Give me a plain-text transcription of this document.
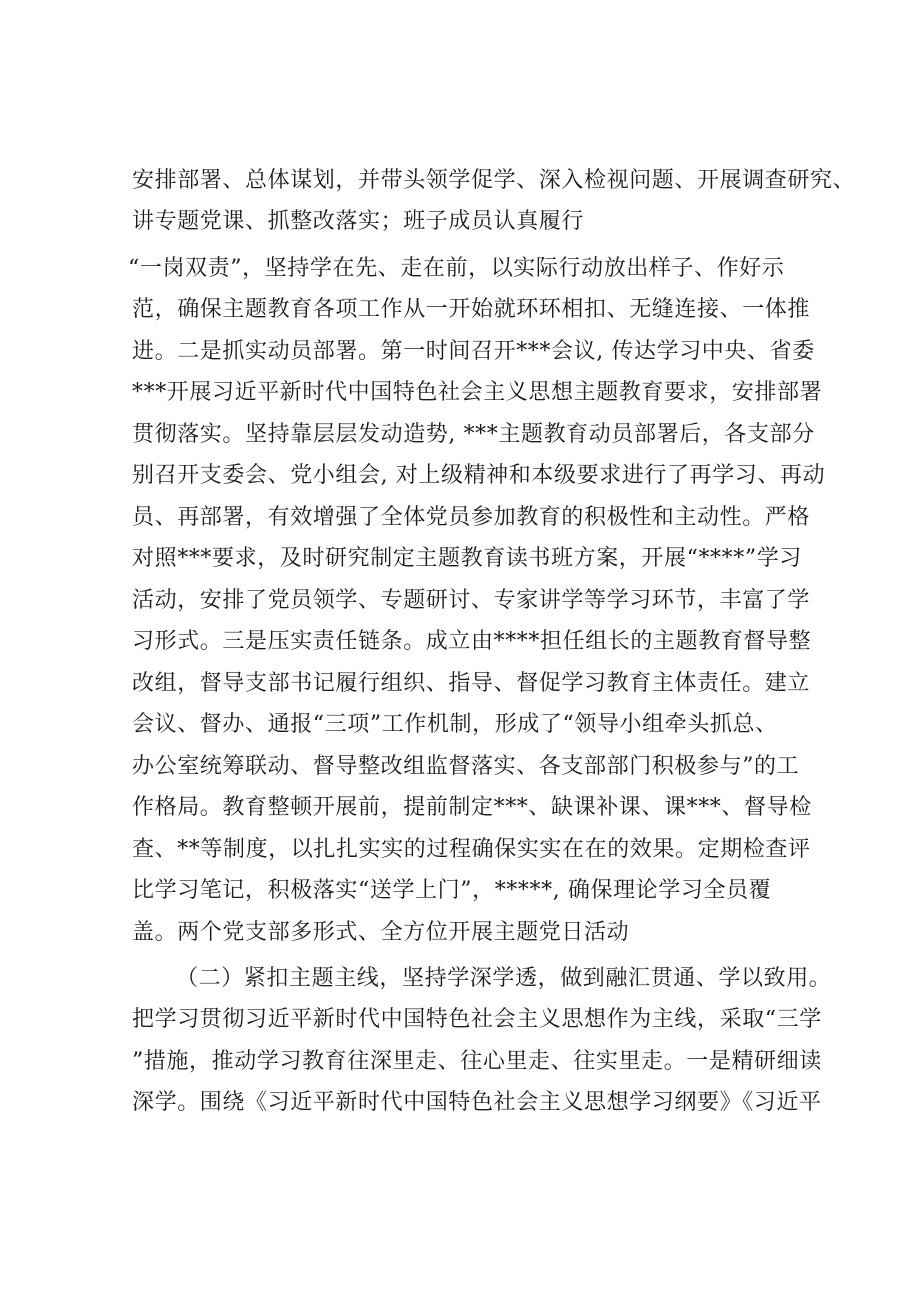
安排部署、总体谋划，并带头领学促学、深入检视问题、开展调查研究、
讲专题党课、抓整改落实；班子成员认真履行
“一岗双责”，坚持学在先、走在前，以实际行动放出样子、作好示
范，确保主题教育各项工作从一开始就环环相扣、无缝连接、一体推
进。二是抓实动员部署。第一时间召开***会议, 传达学习中央、省委
***开展习近平新时代中国特色社会主义思想主题教育要求，安排部署
贯彻落实。坚持靠层层发动造势, ***主题教育动员部署后，各支部分
别召开支委会、党小组会, 对上级精神和本级要求进行了再学习、再动
员、再部署，有效增强了全体党员参加教育的积极性和主动性。严格
对照***要求，及时研究制定主题教育读书班方案，开展“****”学习
活动，安排了党员领学、专题研讨、专家讲学等学习环节，丰富了学
习形式。三是压实责任链条。成立由****担任组长的主题教育督导整
改组，督导支部书记履行组织、指导、督促学习教育主体责任。建立
会议、督办、通报“三项”工作机制，形成了“领导小组牵头抓总、
办公室统筹联动、督导整改组监督落实、各支部部门积极参与”的工
作格局。教育整顿开展前，提前制定***、缺课补课、课***、督导检
查、**等制度，以扎扎实实的过程确保实实在在的效果。定期检查评
比学习笔记，积极落实“送学上门”，*****, 确保理论学习全员覆
盖。两个党支部多形式、全方位开展主题党日活动
（二）紧扣主题主线，坚持学深学透，做到融汇贯通、学以致用。
把学习贯彻习近平新时代中国特色社会主义思想作为主线，采取“三学
”措施，推动学习教育往深里走、往心里走、往实里走。一是精研细读
深学。围绕《习近平新时代中国特色社会主义思想学习纲要》《习近平
